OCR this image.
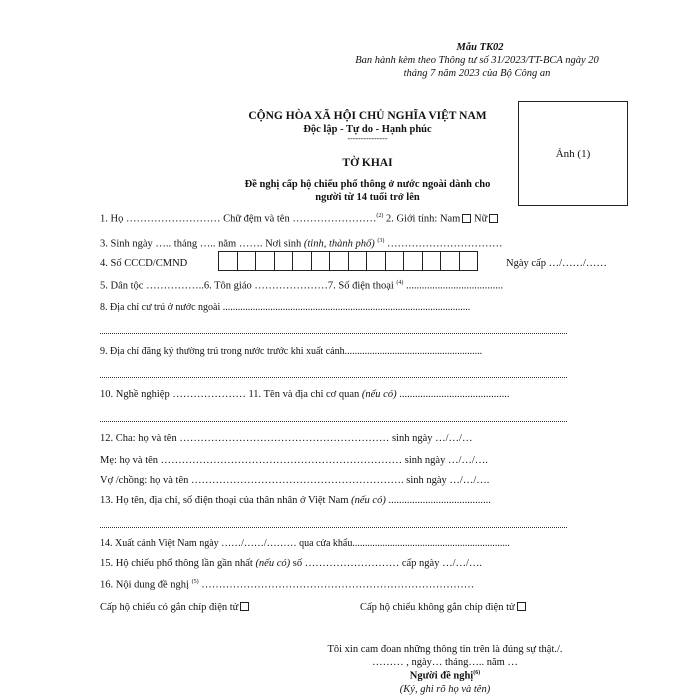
Mẫu TK02
Ban hành kèm theo Thông tư số 31/2023/TT-BCA ngày 20
tháng 7 năm 2023 của Bộ Công an
CỘNG HÒA XÃ HỘI CHỦ NGHĨA VIỆT NAM
Độc lập - Tự do - Hạnh phúc
---------------
TỜ KHAI
Đề nghị cấp hộ chiếu phổ thông ở nước ngoài dành cho
người từ 14 tuổi trở lên
Ảnh (1)
1. Họ ……………………… Chữ đệm và tên ……………………$^{(2)}$ 2. Giới tính: Nam Nữ
3. Sinh ngày ….. tháng ….. năm ……. Nơi sinh (tỉnh, thành phố) $^{(3)}$ ……………………………
4. Số CCCD/CMND	Ngày cấp …/……/……
5. Dân tộc ……………..6. Tôn giáo …………………7. Số điện thoại $^{(4)}$ .....................................
8. Địa chỉ cư trú ở nước ngoài ...................................................................................................
9. Địa chỉ đăng ký thường trú trong nước trước khi xuất cảnh.......................................................
10. Nghề nghiệp ………………… 11. Tên và địa chỉ cơ quan (nếu có) ..........................................
12. Cha: họ và tên …………………………………………………… sinh ngày …/…/…
Mẹ: họ và tên …………………………………………………………… sinh ngày …/…/….
Vợ /chồng: họ và tên ……………………………………………………. sinh ngày …/…/….
13. Họ tên, địa chỉ, số điện thoại của thân nhân ở Việt Nam (nếu có) .......................................
14. Xuất cảnh Việt Nam ngày ……/……/……… qua cửa khẩu...............................................................
15. Hộ chiếu phổ thông lần gần nhất (nếu có) số ……………………… cấp ngày …/…/….
16. Nội dung đề nghị $^{(5)}$ ……………………………………………………………………
Cấp hộ chiếu có gắn chíp điện tử	Cấp hộ chiếu không gắn chíp điện tử
Tôi xin cam đoan những thông tin trên là đúng sự thật./.
……… , ngày… tháng….. năm …
Người đề nghị$^{(6)}$
(Ký, ghi rõ họ và tên)
